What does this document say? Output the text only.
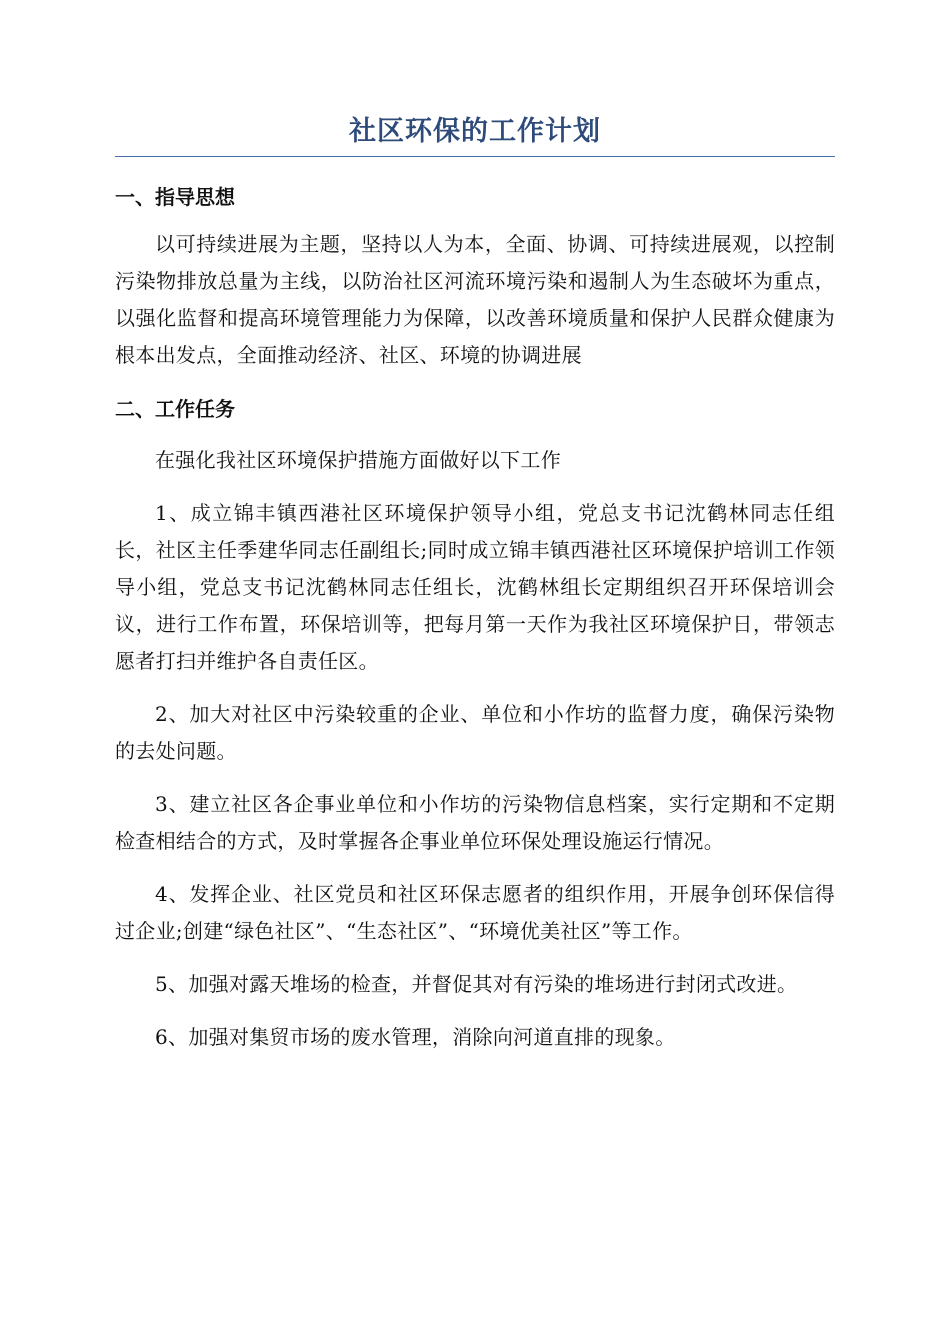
社区环保的工作计划
一、指导思想

以可持续进展为主题，坚持以人为本，全面、协调、可持续进展观，以控制污染物排放总量为主线，以防治社区河流环境污染和遏制人为生态破坏为重点，以强化监督和提高环境管理能力为保障，以改善环境质量和保护人民群众健康为根本出发点，全面推动经济、社区、环境的协调进展

二、工作任务

在强化我社区环境保护措施方面做好以下工作

1、成立锦丰镇西港社区环境保护领导小组，党总支书记沈鹤林同志任组长，社区主任季建华同志任副组长;同时成立锦丰镇西港社区环境保护培训工作领导小组，党总支书记沈鹤林同志任组长，沈鹤林组长定期组织召开环保培训会议，进行工作布置，环保培训等，把每月第一天作为我社区环境保护日，带领志愿者打扫并维护各自责任区。

2、加大对社区中污染较重的企业、单位和小作坊的监督力度，确保污染物的去处问题。

3、建立社区各企事业单位和小作坊的污染物信息档案，实行定期和不定期检查相结合的方式，及时掌握各企事业单位环保处理设施运行情况。

4、发挥企业、社区党员和社区环保志愿者的组织作用，开展争创环保信得过企业;创建“绿色社区”、“生态社区”、“环境优美社区”等工作。

5、加强对露天堆场的检查，并督促其对有污染的堆场进行封闭式改进。

6、加强对集贸市场的废水管理，消除向河道直排的现象。
